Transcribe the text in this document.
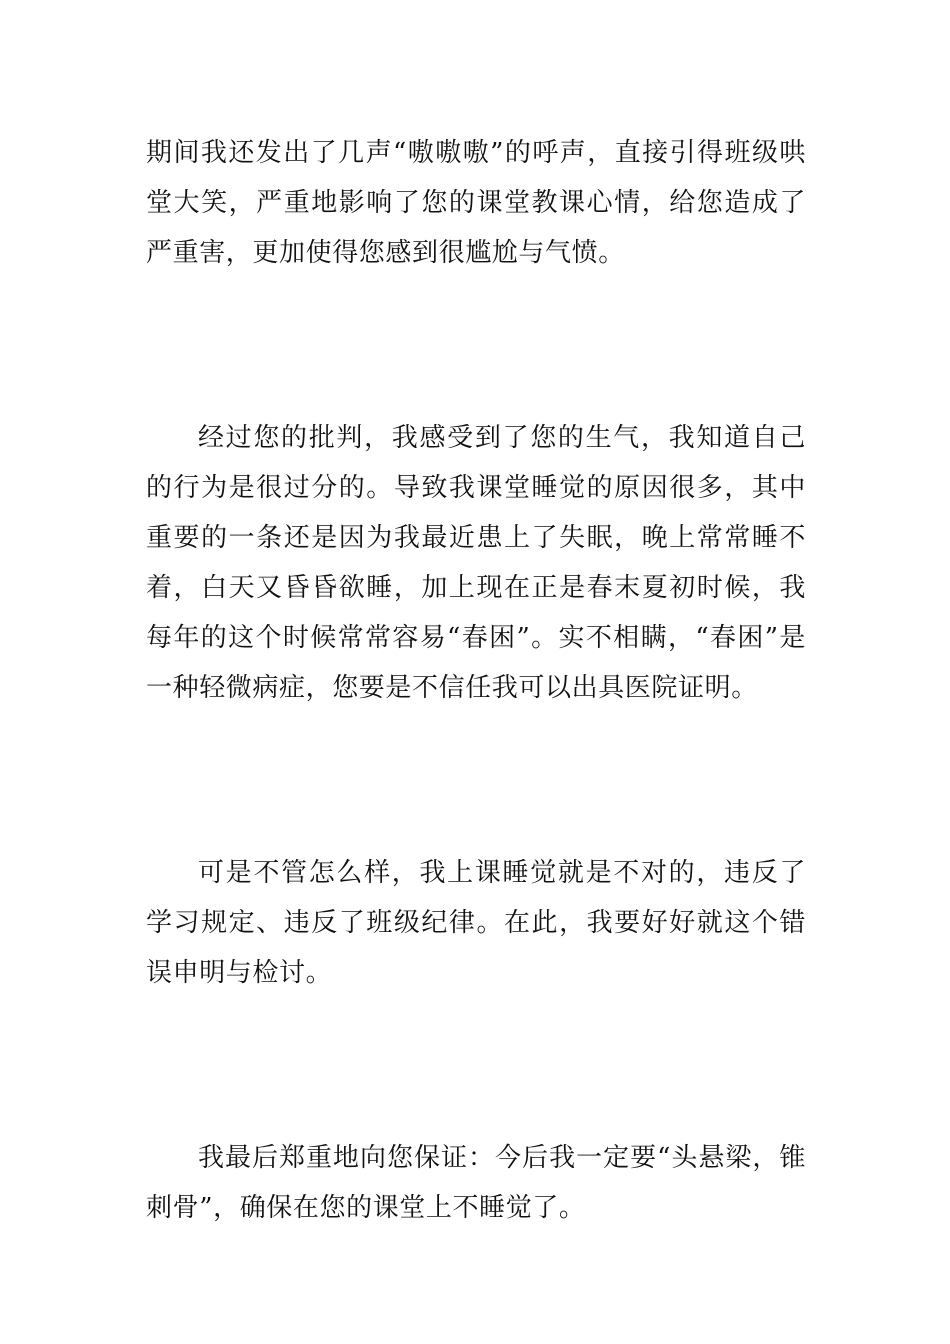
期间我还发出了几声“嗷嗷嗷”的呼声，直接引得班级哄堂大笑，严重地影响了您的课堂教课心情，给您造成了严重害，更加使得您感到很尴尬与气愤。

经过您的批判，我感受到了您的生气，我知道自己的行为是很过分的。导致我课堂睡觉的原因很多，其中重要的一条还是因为我最近患上了失眠，晚上常常睡不着，白天又昏昏欲睡，加上现在正是春末夏初时候，我每年的这个时候常常容易“春困”。实不相瞒，“春困”是一种轻微病症，您要是不信任我可以出具医院证明。

可是不管怎么样，我上课睡觉就是不对的，违反了学习规定、违反了班级纪律。在此，我要好好就这个错误申明与检讨。

我最后郑重地向您保证：今后我一定要“头悬梁，锥刺骨”，确保在您的课堂上不睡觉了。
